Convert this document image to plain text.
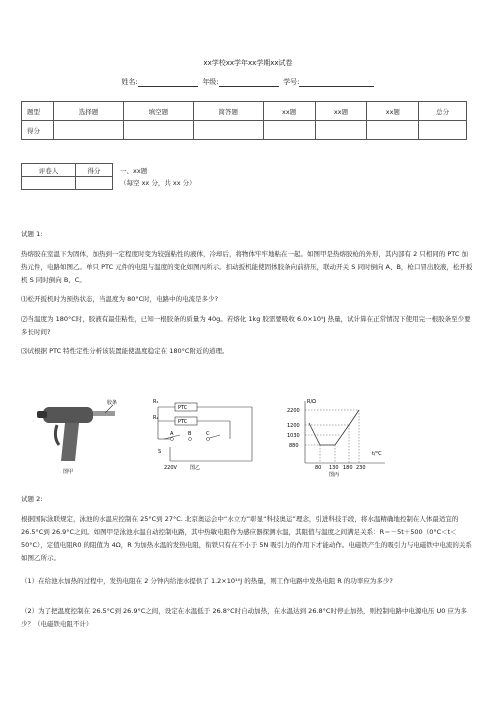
xx学校xx学年xx学期xx试卷
姓名:	年级:	学号:
题型	选择题	填空题	简答题	xx题	xx题	xx题	总分
得分							
评卷人	得分
		一、xx题
（每空 xx 分，共 xx 分）

试题 1:

热熔胶在室温下为固体，加热到一定程度时变为较强粘性的液体，冷却后，将物体牢牢地粘在一起。如图甲是热熔胶枪的外形，其内部有 2 只相同的 PTC 加热元件，电路如图乙。单只 PTC 元件的电阻与温度的变化如图丙所示。扣动扳机能使固体胶条向前挤压，联动开关 S 同时倒向 A、B，枪口冒出胶液，松开扳机 S 同时倒向 B、C。

⑴松开扳机时为预热状态，当温度为 80°C时，电路中的电流是多少?

⑵当温度为 180°C时，胶液有最佳粘性，已知一根胶条的质量为 40g。若熔化 1kg 胶需要吸收 6.0×10⁵J 热量，试计算在正常情况下使用完一根胶条至少要多长时间?

⑶试根据 PTC 特性定性分析该装置能使温度稳定在 180°C附近的道理。

胶条
图甲
PTC
PTC
R₁
R₂
A	B	C
S
220V	图乙
R/Ω
t/°C
2200
1200
1030
880
80 130 180 230
图丙

试题 2:

根据国际泳联规定，泳池的水温应控制在 25°C到 27°C. 北京奥运会中“水立方”彰显“科技奥运”理念，引进科技手段，将水温精确地控制在人体最适宜的 26.5°C到 26.9°C之间。如图甲是泳池水温自动控制电路，其中热敏电阻作为感应器探测水温，其阻值与温度之间满足关系：R＝－5t＋500（0°C＜t＜50°C），定值电阻R0 的阻值为 4Ω，R 为加热水温的发热电阻，衔铁只有在不小于 5N 吸引力的作用下才能动作。电磁铁产生的吸引力与电磁铁中电流的关系如图乙所示。

（1）在给池水加热的过程中，发热电阻在 2 分钟内给池水提供了 1.2×10¹⁰J 的热量，则工作电路中发热电阻 R 的功率应为多少?

（2）为了把温度控制在 26.5°C到 26.9°C之间，设定在水温低于 26.8°C时自动加热，在水温达到 26.8°C时停止加热，则控制电路中电源电压 U0 应为多少？（电磁铁电阻不计）
